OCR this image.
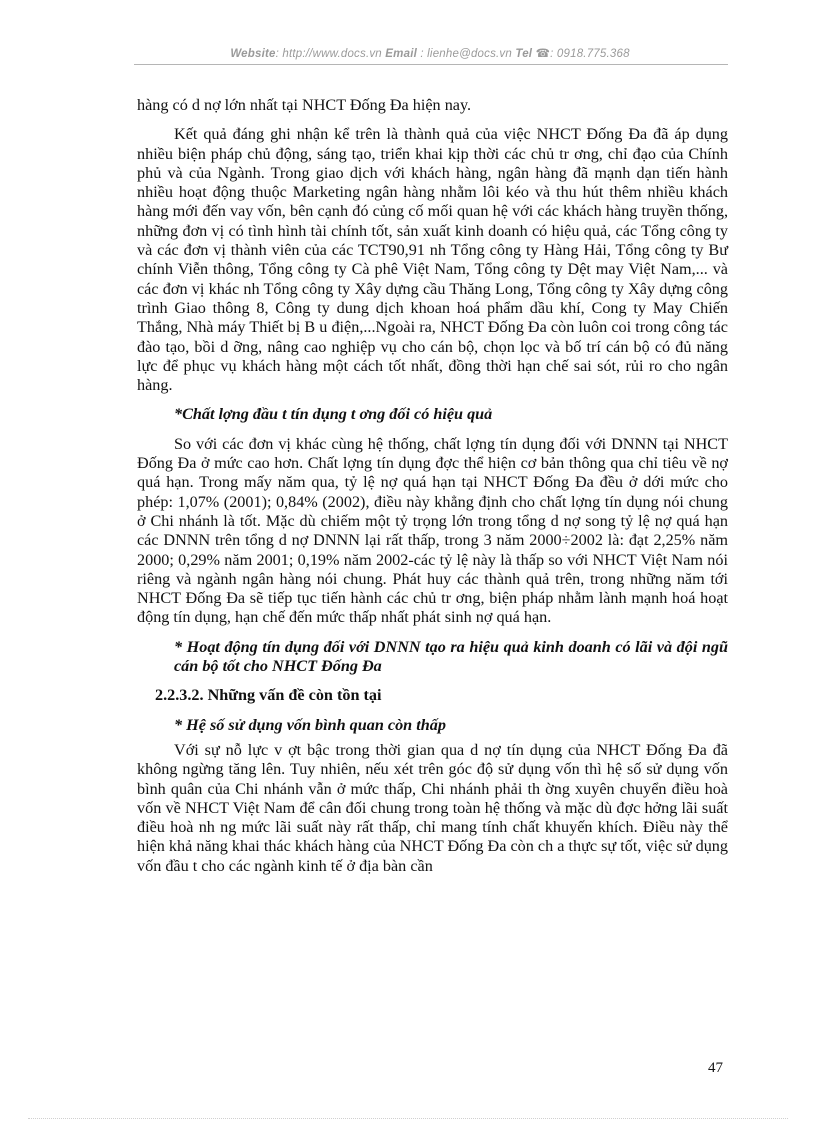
Website: http://www.docs.vn Email : lienhe@docs.vn Tel ☎: 0918.775.368

hàng có d nợ lớn nhất tại NHCT Đống Đa hiện nay.

Kết quả đáng ghi nhận kể trên là thành quả của việc NHCT Đống Đa đã áp dụng nhiều biện pháp chủ động, sáng tạo, triển khai kịp thời các chủ tr ơng, chỉ đạo của Chính phủ và của Ngành. Trong giao dịch với khách hàng, ngân hàng đã mạnh dạn tiến hành nhiều hoạt động thuộc Marketing ngân hàng nhằm lôi kéo và thu hút thêm nhiều khách hàng mới đến vay vốn, bên cạnh đó củng cố mối quan hệ với các khách hàng truyền thống, những đơn vị có tình hình tài chính tốt, sản xuất kinh doanh có hiệu quả, các Tổng công ty và các đơn vị thành viên của các TCT90,91 nh Tổng công ty Hàng Hải, Tổng công ty Bư chính Viễn thông, Tổng công ty Cà phê Việt Nam, Tổng công ty Dệt may Việt Nam,... và các đơn vị khác nh Tổng công ty Xây dựng cầu Thăng Long, Tổng công ty Xây dựng công trình Giao thông 8, Công ty dung dịch khoan hoá phẩm dầu khí, Cong ty May Chiến Thắng, Nhà máy Thiết bị B u điện,...Ngoài ra, NHCT Đống Đa còn luôn coi trong công tác đào tạo, bồi d ỡng, nâng cao nghiệp vụ cho cán bộ, chọn lọc và bố trí cán bộ có đủ năng lực để phục vụ khách hàng một cách tốt nhất, đồng thời hạn chế sai sót, rủi ro cho ngân hàng.

*Chất lợng đầu t tín dụng t ơng đối có hiệu quả

So với các đơn vị khác cùng hệ thống, chất lợng tín dụng đối với DNNN tại NHCT Đống Đa ở mức cao hơn. Chất lợng tín dụng đợc thể hiện cơ bản thông qua chỉ tiêu về nợ quá hạn. Trong mấy năm qua, tỷ lệ nợ quá hạn tại NHCT Đống Đa đều ở dới mức cho phép: 1,07% (2001); 0,84% (2002), điều này khẳng định cho chất lợng tín dụng nói chung ở Chi nhánh là tốt. Mặc dù chiếm một tỷ trọng lớn trong tổng d nợ song tỷ lệ nợ quá hạn các DNNN trên tổng d nợ DNNN lại rất thấp, trong 3 năm 2000÷2002 là: đạt 2,25% năm 2000; 0,29% năm 2001; 0,19% năm 2002-các tỷ lệ này là thấp so với NHCT Việt Nam nói riêng và ngành ngân hàng nói chung. Phát huy các thành quả trên, trong những năm tới NHCT Đống Đa sẽ tiếp tục tiến hành các chủ tr ơng, biện pháp nhằm lành mạnh hoá hoạt động tín dụng, hạn chế đến mức thấp nhất phát sinh nợ quá hạn.

* Hoạt động tín dụng đối với DNNN tạo ra hiệu quả kinh doanh có lãi và đội ngũ cán bộ tốt cho NHCT Đống Đa

2.2.3.2. Những vấn đề còn tồn tại

* Hệ số sử dụng vốn bình quan còn thấp

Với sự nỗ lực v ợt bậc trong thời gian qua d nợ tín dụng của NHCT Đống Đa đã không ngừng tăng lên. Tuy nhiên, nếu xét trên góc độ sử dụng vốn thì hệ số sử dụng vốn bình quân của Chi nhánh vẫn ở mức thấp, Chi nhánh phải th ờng xuyên chuyển điều hoà vốn về NHCT Việt Nam để cân đối chung trong toàn hệ thống và mặc dù đợc hởng lãi suất điều hoà nh ng mức lãi suất này rất thấp, chỉ mang tính chất khuyến khích. Điều này thể hiện khả năng khai thác khách hàng của NHCT Đống Đa còn ch a thực sự tốt, việc sử dụng vốn đầu t cho các ngành kinh tế ở địa bàn cần

47
